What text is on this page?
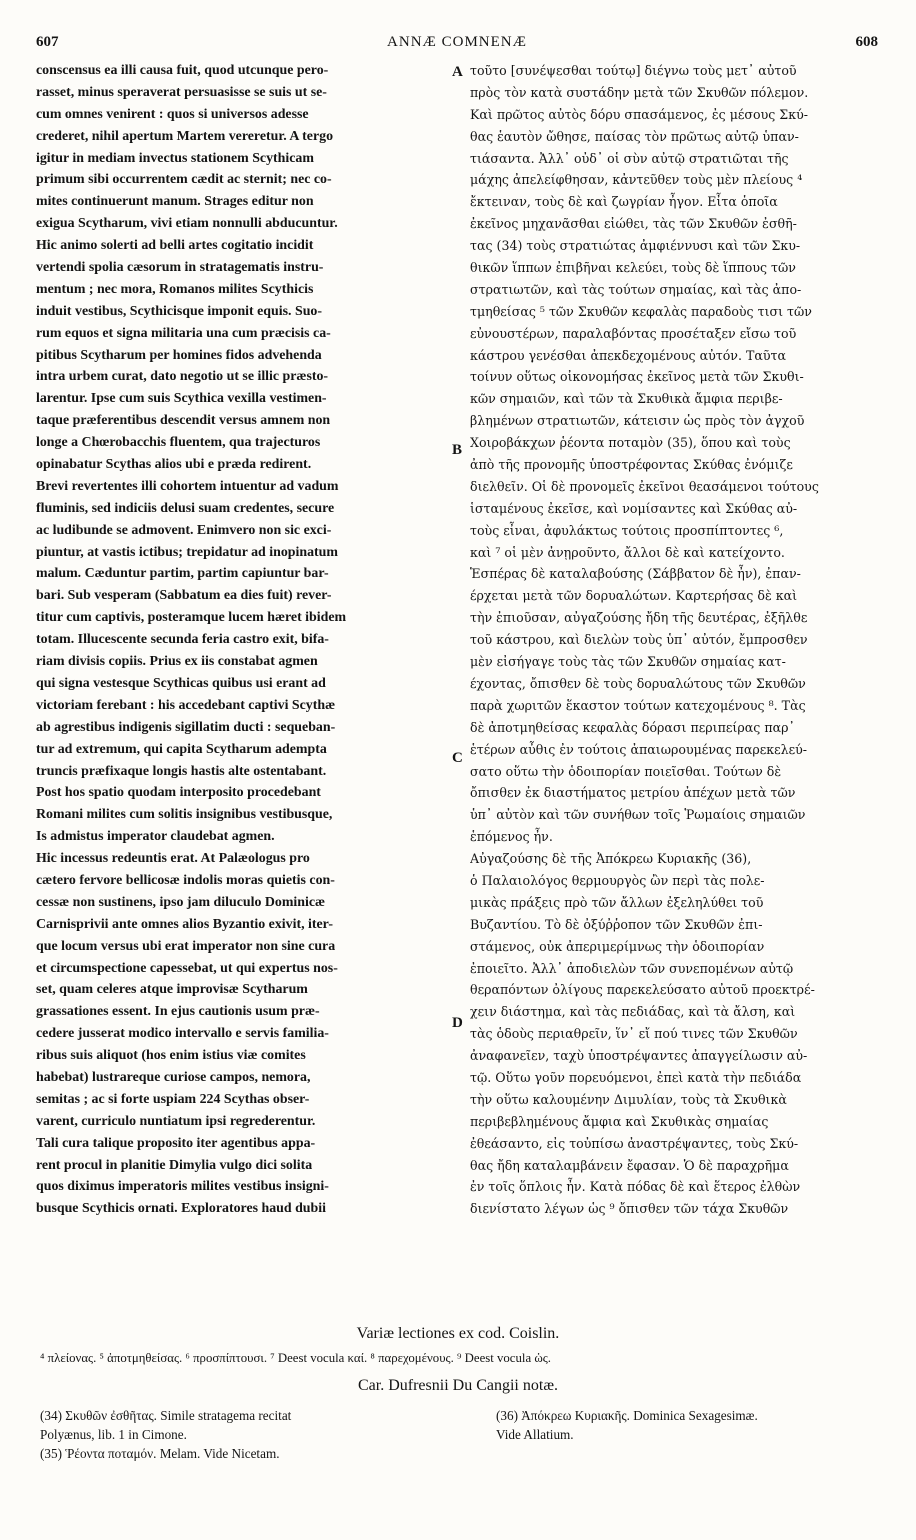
607	ANNÆ COMNENÆ	608
conscensus ea illi causa fuit, quod utcunque pero-
rasset, minus speraverat persuasisse se suis ut se-
cum omnes venirent : quos si universos adesse
crederet, nihil apertum Martem vereretur. A tergo
igitur in mediam invectus stationem Scythicam
primum sibi occurrentem cædit ac sternit; nec co-
mites continuerunt manum. Strages editur non
exigua Scytharum, vivi etiam nonnulli abducuntur.
Hic animo solerti ad belli artes cogitatio incidit
vertendi spolia cæsorum in stratagematis instru-
mentum ; nec mora, Romanos milites Scythicis
induit vestibus, Scythicisque imponit equis. Suo-
rum equos et signa militaria una cum præcisis ca-
pitibus Scytharum per homines fidos advehenda
intra urbem curat, dato negotio ut se illic præsto-
larentur. Ipse cum suis Scythica vexilla vestimen-
taque præferentibus descendit versus amnem non
longe a Chœrobacchis fluentem, qua trajecturos
opinabatur Scythas alios ubi e præda redirent.
Brevi revertentes illi cohortem intuentur ad vadum
fluminis, sed indiciis delusi suam credentes, secure
ac ludibunde se admovent. Enimvero non sic exci-
piuntur, at vastis ictibus; trepidatur ad inopinatum
malum. Cæduntur partim, partim capiuntur bar-
bari. Sub vesperam (Sabbatum ea dies fuit) rever-
titur cum captivis, posteramque lucem hæret ibidem
totam. Illucescente secunda feria castro exit, bifa-
riam divisis copiis. Prius ex iis constabat agmen
qui signa vestesque Scythicas quibus usi erant ad
victoriam ferebant : his accedebant captivi Scythæ
ab agrestibus indigenis sigillatim ducti : sequeban-
tur ad extremum, qui capita Scytharum adempta
truncis præfixaque longis hastis alte ostentabant.
Post hos spatio quodam interposito procedebant
Romani milites cum solitis insignibus vestibusque,
Is admistus imperator claudebat agmen.
Hic incessus redeuntis erat. At Palæologus pro
cætero fervore bellicosæ indolis moras quietis con-
cessæ non sustinens, ipso jam diluculo Dominicæ
Carnisprivii ante omnes alios Byzantio exivit, iter-
que locum versus ubi erat imperator non sine cura
et circumspectione capessebat, ut qui expertus nos-
set, quam celeres atque improvisæ Scytharum
grassationes essent. In ejus cautionis usum præ-
cedere jusserat modico intervallo e servis familia-
ribus suis aliquot (hos enim istius viæ comites
habebat) lustrareque curiose campos, nemora,
semitas ; ac si forte uspiam 224 Scythas obser-
varent, curriculo nuntiatum ipsi regrederentur.
Tali cura talique proposito iter agentibus appa-
rent procul in planitie Dimylia vulgo dici solita
quos diximus imperatoris milites vestibus insigni-
busque Scythicis ornati. Exploratores haud dubii
τοῦτο [συνέψεσθαι τούτῳ] διέγνω τοὺς μετ᾽ αὐτοῦ
πρὸς τὸν κατὰ συστάδην μετὰ τῶν Σκυθῶν πόλεμον.
Καὶ πρῶτος αὐτὸς δόρυ σπασάμενος, ἐς μέσους Σκύ-
θας ἑαυτὸν ὤθησε, παίσας τὸν πρῶτως αὐτῷ ὑπαν-
τιάσαντα. Ἀλλ᾽ οὐδ᾽ οἱ σὺν αὐτῷ στρατιῶται τῆς
μάχης ἀπελείφθησαν, κἀντεῦθεν τοὺς μὲν πλείους ⁴
ἔκτειναν, τοὺς δὲ καὶ ζωγρίαν ἦγον. Εἶτα ὁποῖα
ἐκεῖνος μηχανᾶσθαι εἰώθει, τὰς τῶν Σκυθῶν ἐσθῆ-
τας (34) τοὺς στρατιώτας ἀμφιέννυσι καὶ τῶν Σκυ-
θικῶν ἵππων ἐπιβῆναι κελεύει, τοὺς δὲ ἵππους τῶν
στρατιωτῶν, καὶ τὰς τούτων σημαίας, καὶ τὰς ἀπο-
τμηθείσας ⁵ τῶν Σκυθῶν κεφαλὰς παραδοὺς τισι τῶν
εὐνουστέρων, παραλαβόντας προσέταξεν εἴσω τοῦ
κάστρου γενέσθαι ἀπεκδεχομένους αὐτόν. Ταῦτα
τοίνυν οὕτως οἰκονομήσας ἐκεῖνος μετὰ τῶν Σκυθι-
κῶν σημαιῶν, καὶ τῶν τὰ Σκυθικὰ ἄμφια περιβε-
βλημένων στρατιωτῶν, κάτεισιν ὡς πρὸς τὸν ἀγχοῦ
Χοιροβάκχων ῥέοντα ποταμὸν (35), ὅπου καὶ τοὺς
ἀπὸ τῆς προνομῆς ὑποστρέφοντας Σκύθας ἐνόμιζε
διελθεῖν. Οἱ δὲ προνομεῖς ἐκεῖνοι θεασάμενοι τούτους
ἱσταμένους ἐκεῖσε, καὶ νομίσαντες καὶ Σκύθας αὐ-
τοὺς εἶναι, ἀφυλάκτως τούτοις προσπίπτοντες ⁶,
καὶ ⁷ οἱ μὲν ἀνῃροῦντο, ἄλλοι δὲ καὶ κατείχοντο.
Ἑσπέρας δὲ καταλαβούσης (Σάββατον δὲ ἦν), ἐπαν-
έρχεται μετὰ τῶν δορυαλώτων. Καρτερήσας δὲ καὶ
τὴν ἐπιοῦσαν, αὐγαζούσης ἤδη τῆς δευτέρας, ἐξῆλθε
τοῦ κάστρου, καὶ διελὼν τοὺς ὑπ᾽ αὐτόν, ἔμπροσθεν
μὲν εἰσήγαγε τοὺς τὰς τῶν Σκυθῶν σημαίας κατ-
έχοντας, ὄπισθεν δὲ τοὺς δορυαλώτους τῶν Σκυθῶν
παρὰ χωριτῶν ἕκαστον τούτων κατεχομένους ⁸. Τὰς
δὲ ἀποτμηθείσας κεφαλὰς δόρασι περιπείρας παρ᾽
ἑτέρων αὖθις ἐν τούτοις ἀπαιωρουμένας παρεκελεύ-
σατο οὕτω τὴν ὁδοιπορίαν ποιεῖσθαι. Τούτων δὲ
ὄπισθεν ἐκ διαστήματος μετρίου ἀπέχων μετὰ τῶν
ὑπ᾽ αὐτὸν καὶ τῶν συνήθων τοῖς Ῥωμαίοις σημαιῶν
ἑπόμενος ἦν.
Αὐγαζούσης δὲ τῆς Ἀπόκρεω Κυριακῆς (36),
ὁ Παλαιολόγος θερμουργὸς ὢν περὶ τὰς πολε-
μικὰς πράξεις πρὸ τῶν ἄλλων ἐξεληλύθει τοῦ
Βυζαντίου. Τὸ δὲ ὀξύῤῥοπον τῶν Σκυθῶν ἐπι-
στάμενος, οὐκ ἀπεριμερίμνως τὴν ὁδοιπορίαν
ἐποιεῖτο. Ἀλλ᾽ ἀποδιελὼν τῶν συνεπομένων αὐτῷ
θεραπόντων ὀλίγους παρεκελεύσατο αὐτοῦ προεκτρέ-
χειν διάστημα, καὶ τὰς πεδιάδας, καὶ τὰ ἄλση, καὶ
τὰς ὁδοὺς περιαθρεῖν, ἵν᾽ εἴ πού τινες τῶν Σκυθῶν
ἀναφανεῖεν, ταχὺ ὑποστρέψαντες ἀπαγγείλωσιν αὐ-
τῷ. Οὕτω γοῦν πορευόμενοι, ἐπεὶ κατὰ τὴν πεδιάδα
τὴν οὕτω καλουμένην Διμυλίαν, τοὺς τὰ Σκυθικὰ
περιβεβλημένους ἄμφια καὶ Σκυθικὰς σημαίας
ἐθεάσαντο, εἰς τοὐπίσω ἀναστρέψαντες, τοὺς Σκύ-
θας ἤδη καταλαμβάνειν ἔφασαν. Ὁ δὲ παραχρῆμα
ἐν τοῖς ὅπλοις ἦν. Κατὰ πόδας δὲ καὶ ἕτερος ἐλθὼν
διενίστατο λέγων ὡς ⁹ ὄπισθεν τῶν τάχα Σκυθῶν
A
B
C
D
Variæ lectiones ex cod. Coislin.
⁴ πλείονας. ⁵ ἀποτμηθείσας. ⁶ προσπίπτουσι. ⁷ Deest vocula καί. ⁸ παρεχομένους. ⁹ Deest vocula ὡς.
Car. Dufresnii Du Cangii notæ.
(34) Σκυθῶν ἐσθῆτας. Simile stratagema recitat
Polyænus, lib. 1 in Cimone.
(35) Ῥέοντα ποταμόν. Melam. Vide Nicetam.
(36) Ἀπόκρεω Κυριακῆς. Dominica Sexagesimæ.
Vide Allatium.
